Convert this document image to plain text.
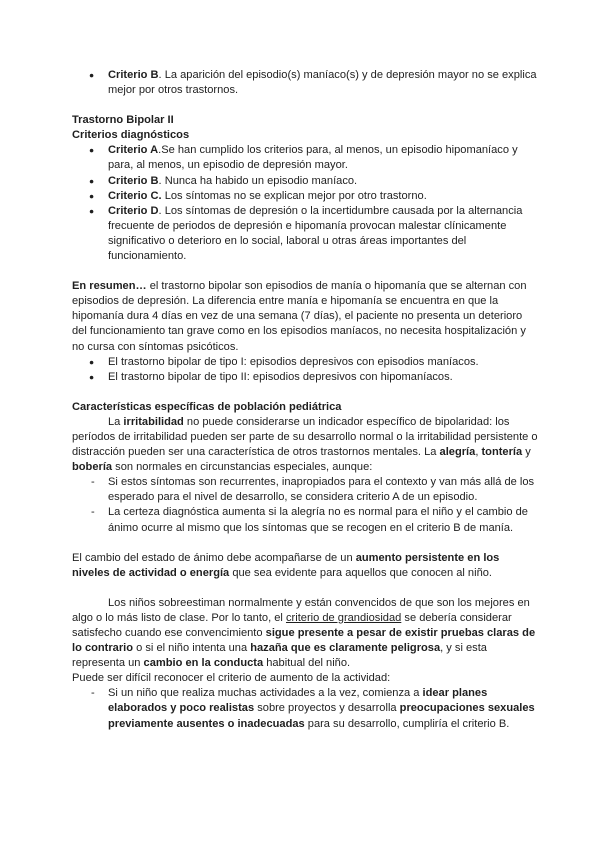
● Criterio B. La aparición del episodio(s) maníaco(s) y de depresión mayor no se explica mejor por otros trastornos.

Trastorno Bipolar II

Criterios diagnósticos

● Criterio A.Se han cumplido los criterios para, al menos, un episodio hipomaníaco y para, al menos, un episodio de depresión mayor.
● Criterio B. Nunca ha habido un episodio maníaco.
● Criterio C. Los síntomas no se explican mejor por otro trastorno.
● Criterio D. Los síntomas de depresión o la incertidumbre causada por la alternancia frecuente de periodos de depresión e hipomanía provocan malestar clínicamente significativo o deterioro en lo social, laboral u otras áreas importantes del funcionamiento.

En resumen… el trastorno bipolar son episodios de manía o hipomanía que se alternan con episodios de depresión. La diferencia entre manía e hipomanía se encuentra en que la hipomanía dura 4 días en vez de una semana (7 días), el paciente no presenta un deterioro del funcionamiento tan grave como en los episodios maníacos, no necesita hospitalización y no cursa con síntomas psicóticos.

● El trastorno bipolar de tipo I: episodios depresivos con episodios maníacos.
● El trastorno bipolar de tipo II: episodios depresivos con hipomaníacos.

Características específicas de población pediátrica

La irritabilidad no puede considerarse un indicador específico de bipolaridad: los períodos de irritabilidad pueden ser parte de su desarrollo normal o la irritabilidad persistente o distracción pueden ser una característica de otros trastornos mentales. La alegría, tontería y bobería son normales en circunstancias especiales, aunque:

- Si estos síntomas son recurrentes, inapropiados para el contexto y van más allá de los esperado para el nivel de desarrollo, se considera criterio A de un episodio.
- La certeza diagnóstica aumenta si la alegría no es normal para el niño y el cambio de ánimo ocurre al mismo que los síntomas que se recogen en el criterio B de manía.

El cambio del estado de ánimo debe acompañarse de un aumento persistente en los niveles de actividad o energía que sea evidente para aquellos que conocen al niño.

Los niños sobreestiman normalmente y están convencidos de que son los mejores en algo o lo más listo de clase. Por lo tanto, el criterio de grandiosidad se debería considerar satisfecho cuando ese convencimiento sigue presente a pesar de existir pruebas claras de lo contrario o si el niño intenta una hazaña que es claramente peligrosa, y si esta representa un cambio en la conducta habitual del niño.

Puede ser difícil reconocer el criterio de aumento de la actividad:

- Si un niño que realiza muchas actividades a la vez, comienza a idear planes elaborados y poco realistas sobre proyectos y desarrolla preocupaciones sexuales previamente ausentes o inadecuadas para su desarrollo, cumpliría el criterio B.
